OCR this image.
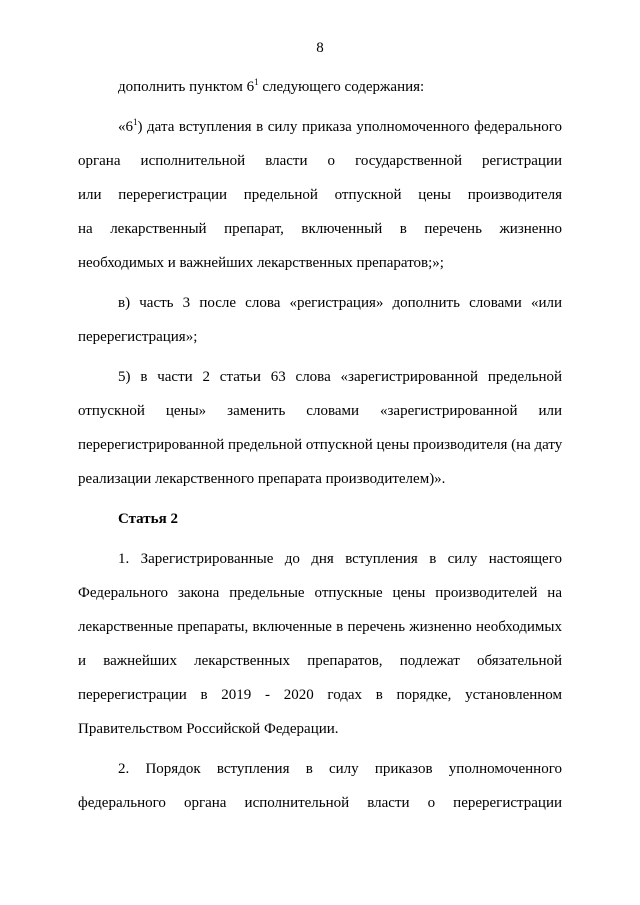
8
дополнить пунктом $6^1$ следующего содержания:
«$6^1$) дата вступления в силу приказа уполномоченного федерального
органа исполнительной власти о государственной регистрации
или перерегистрации предельной отпускной цены производителя
на лекарственный препарат, включенный в перечень жизненно
необходимых и важнейших лекарственных препаратов;»;
в) часть 3 после слова «регистрация» дополнить словами «или
перерегистрация»;
5) в части 2 статьи 63 слова «зарегистрированной предельной
отпускной цены» заменить словами «зарегистрированной или
перерегистрированной предельной отпускной цены производителя (на дату
реализации лекарственного препарата производителем)».
Статья 2
1. Зарегистрированные до дня вступления в силу настоящего
Федерального закона предельные отпускные цены производителей на
лекарственные препараты, включенные в перечень жизненно необходимых
и важнейших лекарственных препаратов, подлежат обязательной
перерегистрации в 2019 - 2020 годах в порядке, установленном
Правительством Российской Федерации.
2. Порядок вступления в силу приказов уполномоченного
федерального органа исполнительной власти о перерегистрации
